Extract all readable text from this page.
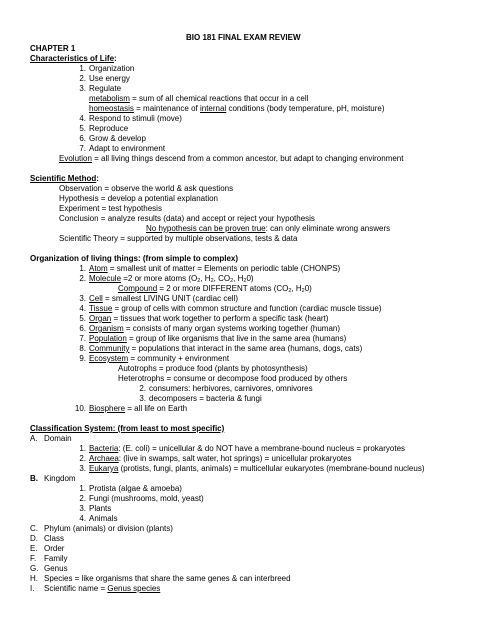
BIO 181 FINAL EXAM REVIEW
CHAPTER 1
Characteristics of Life:
1. Organization
2. Use energy
3. Regulate
metabolism = sum of all chemical reactions that occur in a cell
homeostasis = maintenance of internal conditions (body temperature, pH, moisture)
4. Respond to stimuli (move)
5. Reproduce
6. Grow & develop
7. Adapt to environment
Evolution = all living things descend from a common ancestor, but adapt to changing environment
Scientific Method:
Observation = observe the world & ask questions
Hypothesis = develop a potential explanation
Experiment = test hypothesis
Conclusion = analyze results (data) and accept or reject your hypothesis
No hypothesis can be proven true: can only eliminate wrong answers
Scientific Theory = supported by multiple observations, tests & data
Organization of living things: (from simple to complex)
1. Atom = smallest unit of matter = Elements on periodic table (CHONPS)
2. Molecule =2 or more atoms ($O_2$, $H_2$, $CO_2$, $H_20$)
Compound = 2 or more DIFFERENT atoms ($CO_2$, $H_20$)
3. Cell = smallest LIVING UNIT (cardiac cell)
4. Tissue = group of cells with common structure and function (cardiac muscle tissue)
5. Organ = tissues that work together to perform a specific task (heart)
6. Organism = consists of many organ systems working together (human)
7. Population = group of like organisms that live in the same area (humans)
8. Community = populations that interact in the same area (humans, dogs, cats)
9. Ecosystem = community + environment
Autotrophs = produce food (plants by photosynthesis)
Heterotrophs = consume or decompose food produced by others
2. consumers: herbivores, carnivores, omnivores
3. decomposers = bacteria & fungi
10. Biosphere = all life on Earth
Classification System: (from least to most specific)
A. Domain
1. Bacteria: (E. coli) = unicellular & do NOT have a membrane-bound nucleus = prokaryotes
2. Archaea: (live in swamps, salt water, hot springs) = unicellular prokaryotes
3. Eukarya (protists, fungi, plants, animals) = multicellular eukaryotes (membrane-bound nucleus)
B. Kingdom
1. Protista (algae & amoeba)
2. Fungi (mushrooms, mold, yeast)
3. Plants
4. Animals
C. Phylum (animals) or division (plants)
D. Class
E. Order
F. Family
G. Genus
H. Species = like organisms that share the same genes & can interbreed
I. Scientific name = Genus species
